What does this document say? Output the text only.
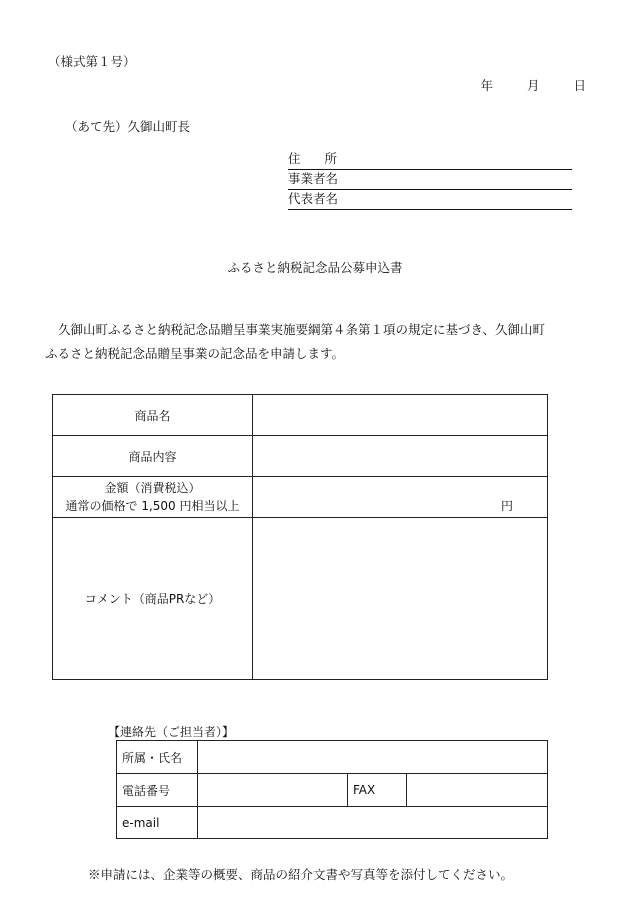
（様式第１号）
年	月	日
（あて先）久御山町長
住 所
事業者名
代表者名
ふるさと納税記念品公募申込書
久御山町ふるさと納税記念品贈呈事業実施要綱第４条第１項の規定に基づき、久御山町
ふるさと納税記念品贈呈事業の記念品を申請します。
商品名	
商品内容	

金額（消費税込）
通常の価格で 1,500 円相当以上	円
コメント（商品PRなど）	
【連絡先（ご担当者）】
所属・氏名			
電話番号		FAX	
e-mail			
※申請には、企業等の概要、商品の紹介文書や写真等を添付してください。
